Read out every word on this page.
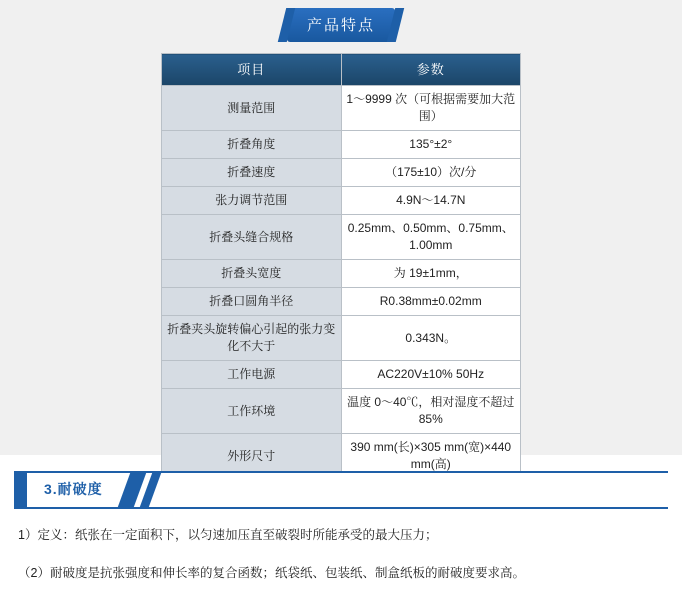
产品特点
项目	参数
测量范围	1～9999 次（可根据需要加大范围）
折叠角度	135°±2°
折叠速度	（175±10）次/分
张力调节范围	4.9N～14.7N
折叠头缝合规格	0.25mm、0.50mm、0.75mm、1.00mm
折叠头宽度	为 19±1mm，
折叠口圆角半径	R0.38mm±0.02mm
折叠夹头旋转偏心引起的张力变化不大于	0.343N。
工作电源	AC220V±10% 50Hz
工作环境	温度 0～40℃，相对湿度不超过 85%
外形尺寸	390 mm(长)×305 mm(宽)×440 mm(高)

3.耐破度
1）定义：纸张在一定面积下，以匀速加压直至破裂时所能承受的最大压力；
（2）耐破度是抗张强度和伸长率的复合函数；纸袋纸、包装纸、制盒纸板的耐破度要求高。
